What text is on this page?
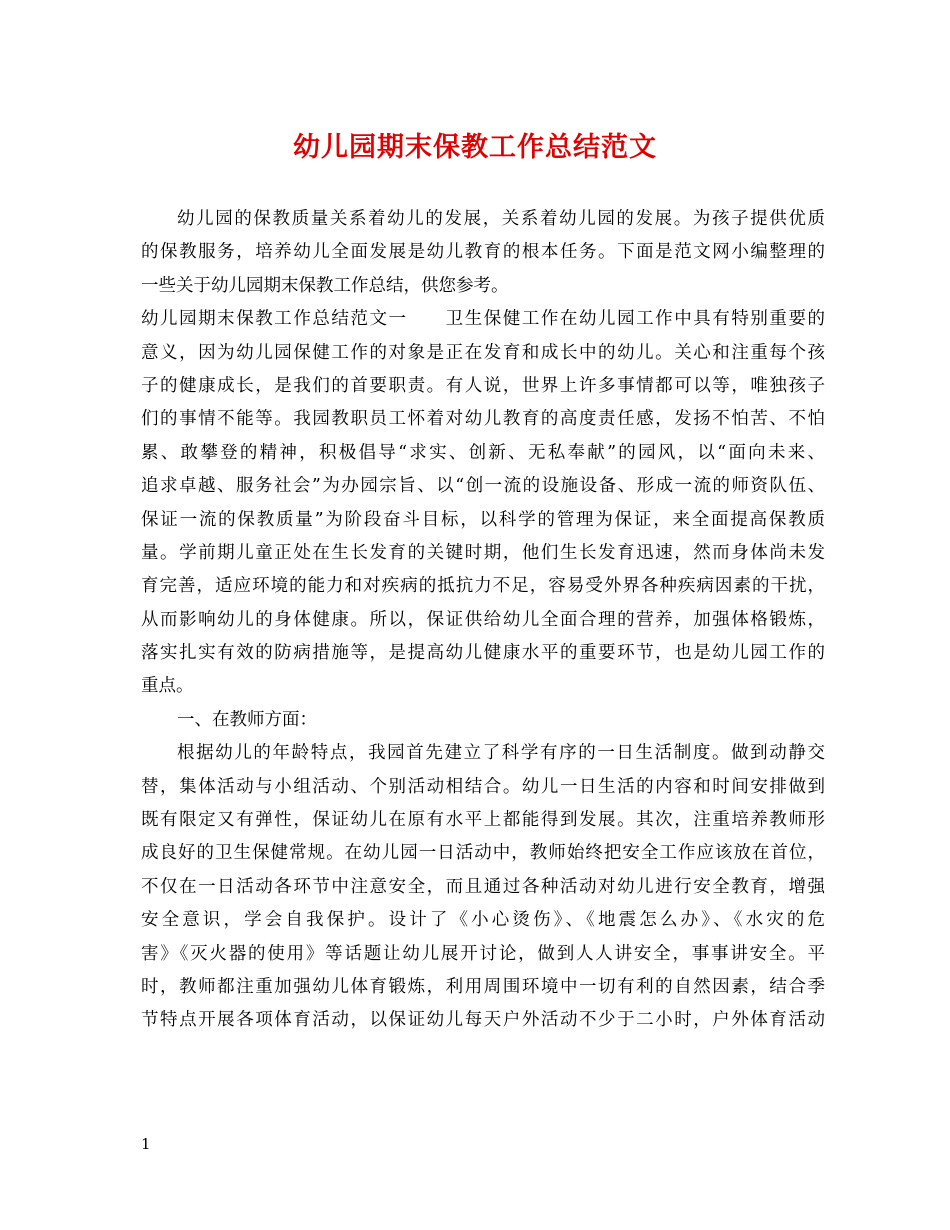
幼儿园期末保教工作总结范文
幼儿园的保教质量关系着幼儿的发展，关系着幼儿园的发展。为孩子提供优质
的保教服务，培养幼儿全面发展是幼儿教育的根本任务。下面是范文网小编整理的
一些关于幼儿园期末保教工作总结，供您参考。
幼儿园期末保教工作总结范文一　　卫生保健工作在幼儿园工作中具有特别重要的
意义，因为幼儿园保健工作的对象是正在发育和成长中的幼儿。关心和注重每个孩
子的健康成长，是我们的首要职责。有人说，世界上许多事情都可以等，唯独孩子
们的事情不能等。我园教职员工怀着对幼儿教育的高度责任感，发扬不怕苦、不怕
累、敢攀登的精神，积极倡导“求实、创新、无私奉献”的园风，以“面向未来、
追求卓越、服务社会”为办园宗旨、以“创一流的设施设备、形成一流的师资队伍、
保证一流的保教质量”为阶段奋斗目标，以科学的管理为保证，来全面提高保教质
量。学前期儿童正处在生长发育的关键时期，他们生长发育迅速，然而身体尚未发
育完善，适应环境的能力和对疾病的抵抗力不足，容易受外界各种疾病因素的干扰，
从而影响幼儿的身体健康。所以，保证供给幼儿全面合理的营养，加强体格锻炼，
落实扎实有效的防病措施等，是提高幼儿健康水平的重要环节，也是幼儿园工作的
重点。
一、在教师方面：
根据幼儿的年龄特点，我园首先建立了科学有序的一日生活制度。做到动静交
替，集体活动与小组活动、个别活动相结合。幼儿一日生活的内容和时间安排做到
既有限定又有弹性，保证幼儿在原有水平上都能得到发展。其次，注重培养教师形
成良好的卫生保健常规。在幼儿园一日活动中，教师始终把安全工作应该放在首位，
不仅在一日活动各环节中注意安全，而且通过各种活动对幼儿进行安全教育，增强
安全意识，学会自我保护。设计了《小心烫伤》、《地震怎么办》、《水灾的危
害》《灭火器的使用》等话题让幼儿展开讨论，做到人人讲安全，事事讲安全。平
时，教师都注重加强幼儿体育锻炼，利用周围环境中一切有利的自然因素，结合季
节特点开展各项体育活动，以保证幼儿每天户外活动不少于二小时，户外体育活动
1
